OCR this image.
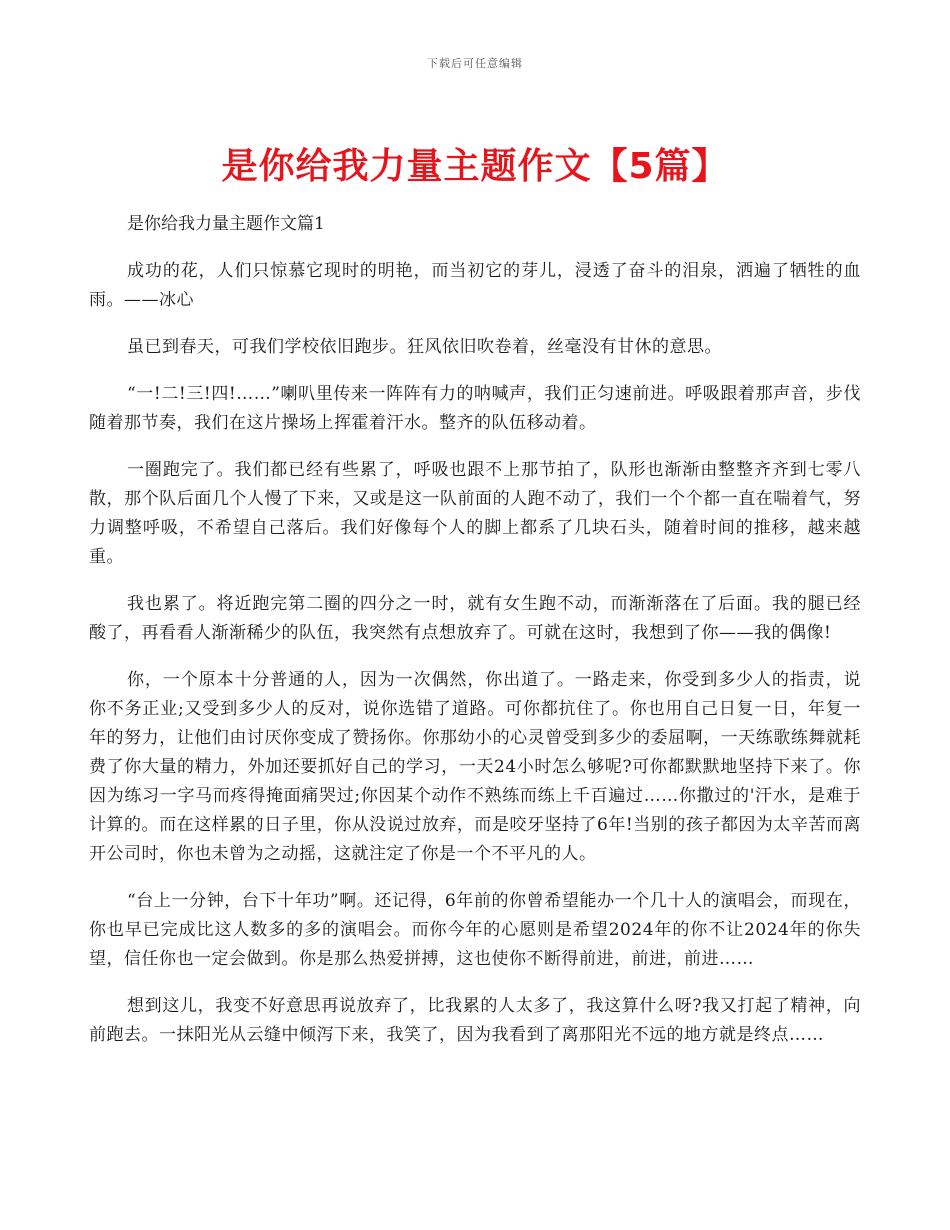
下载后可任意编辑
是你给我力量主题作文【5篇】

是你给我力量主题作文篇1

成功的花，人们只惊慕它现时的明艳，而当初它的芽儿，浸透了奋斗的泪泉，洒遍了牺牲的血雨。——冰心

虽已到春天，可我们学校依旧跑步。狂风依旧吹卷着，丝毫没有甘休的意思。

“一!二!三!四!……”喇叭里传来一阵阵有力的呐喊声，我们正匀速前进。呼吸跟着那声音，步伐随着那节奏，我们在这片操场上挥霍着汗水。整齐的队伍移动着。

一圈跑完了。我们都已经有些累了，呼吸也跟不上那节拍了，队形也渐渐由整整齐齐到七零八散，那个队后面几个人慢了下来，又或是这一队前面的人跑不动了，我们一个个都一直在喘着气，努力调整呼吸，不希望自己落后。我们好像每个人的脚上都系了几块石头，随着时间的推移，越来越重。

我也累了。将近跑完第二圈的四分之一时，就有女生跑不动，而渐渐落在了后面。我的腿已经酸了，再看看人渐渐稀少的队伍，我突然有点想放弃了。可就在这时，我想到了你——我的偶像!

你，一个原本十分普通的人，因为一次偶然，你出道了。一路走来，你受到多少人的指责，说你不务正业;又受到多少人的反对，说你选错了道路。可你都抗住了。你也用自己日复一日，年复一年的努力，让他们由讨厌你变成了赞扬你。你那幼小的心灵曾受到多少的委屈啊，一天练歌练舞就耗费了你大量的精力，外加还要抓好自己的学习，一天24小时怎么够呢?可你都默默地坚持下来了。你因为练习一字马而疼得掩面痛哭过;你因某个动作不熟练而练上千百遍过……你撒过的'汗水，是难于计算的。而在这样累的日子里，你从没说过放弃，而是咬牙坚持了6年!当别的孩子都因为太辛苦而离开公司时，你也未曾为之动摇，这就注定了你是一个不平凡的人。

“台上一分钟，台下十年功”啊。还记得，6年前的你曾希望能办一个几十人的演唱会，而现在，你也早已完成比这人数多的多的演唱会。而你今年的心愿则是希望2024年的你不让2024年的你失望，信任你也一定会做到。你是那么热爱拼搏，这也使你不断得前进，前进，前进……

想到这儿，我变不好意思再说放弃了，比我累的人太多了，我这算什么呀?我又打起了精神，向前跑去。一抹阳光从云缝中倾泻下来，我笑了，因为我看到了离那阳光不远的地方就是终点……
